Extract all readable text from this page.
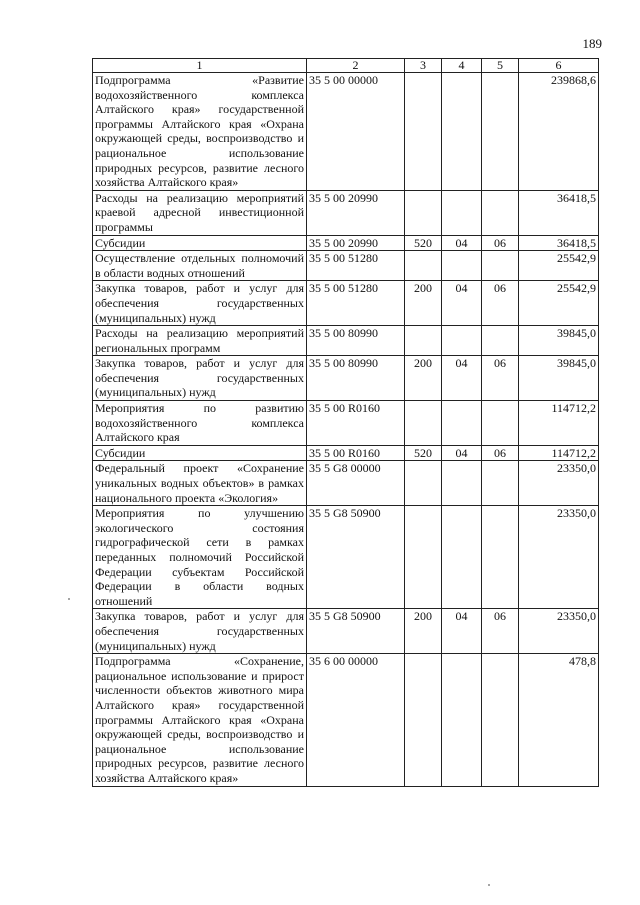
189
1	2	3	4	5	6
Подпрограмма «Развитие водохозяйственного комплекса Алтайского края» государственной программы Алтайского края «Охрана окружающей среды, воспроизводство и рациональное использование природных ресурсов, развитие лесного хозяйства Алтайского края»	35 5 00 00000				239868,6
Расходы на реализацию мероприятий краевой адресной инвестиционной программы	35 5 00 20990				36418,5
Субсидии	35 5 00 20990	520	04	06	36418,5
Осуществление отдельных полномочий в области водных отношений	35 5 00 51280				25542,9
Закупка товаров, работ и услуг для обеспечения государственных (муниципальных) нужд	35 5 00 51280	200	04	06	25542,9
Расходы на реализацию мероприятий региональных программ	35 5 00 80990				39845,0
Закупка товаров, работ и услуг для обеспечения государственных (муниципальных) нужд	35 5 00 80990	200	04	06	39845,0
Мероприятия по развитию водохозяйственного комплекса Алтайского края	35 5 00 R0160				114712,2
Субсидии	35 5 00 R0160	520	04	06	114712,2
Федеральный проект «Сохранение уникальных водных объектов» в рамках национального проекта «Экология»	35 5 G8 00000				23350,0
Мероприятия по улучшению экологического состояния гидрографической сети в рамках переданных полномочий Российской Федерации субъектам Российской Федерации в области водных отношений	35 5 G8 50900				23350,0
Закупка товаров, работ и услуг для обеспечения государственных (муниципальных) нужд	35 5 G8 50900	200	04	06	23350,0
Подпрограмма «Сохранение, рациональное использование и прирост численности объектов животного мира Алтайского края» государственной программы Алтайского края «Охрана окружающей среды, воспроизводство и рациональное использование природных ресурсов, развитие лесного хозяйства Алтайского края»	35 6 00 00000				478,8
